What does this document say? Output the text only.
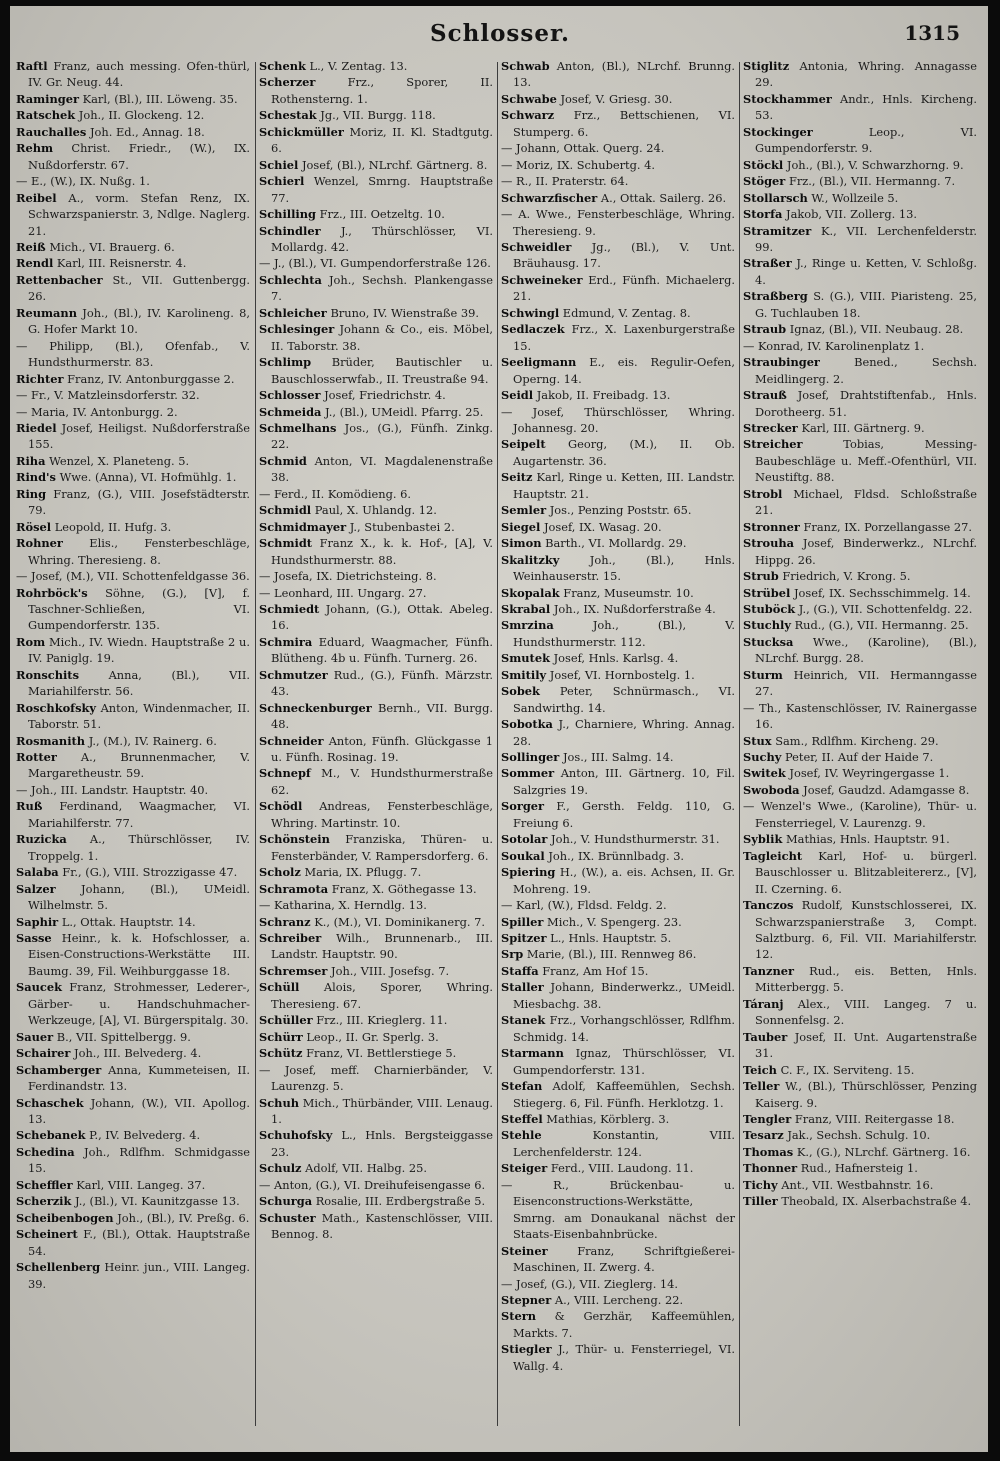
Schlosser.	1315
Raftl Franz, auch messing. Ofen-thürl, IV. Gr. Neug. 44.
Raminger Karl, (Bl.), III. Löweng. 35.
Ratschek Joh., II. Glockeng. 12.
Rauchalles Joh. Ed., Annag. 18.
Rehm Christ. Friedr., (W.), IX. Nußdorferstr. 67.
— E., (W.), IX. Nußg. 1.
Reibel A., vorm. Stefan Renz, IX. Schwarzspanierstr. 3, Ndlge. Naglerg. 21.
Reiß Mich., VI. Brauerg. 6.
Rendl Karl, III. Reisnerstr. 4.
Rettenbacher St., VII. Guttenbergg. 26.
Reumann Joh., (Bl.), IV. Karolineng. 8, G. Hofer Markt 10.
— Philipp, (Bl.), Ofenfab., V. Hundsthurmerstr. 83.
Richter Franz, IV. Antonburggasse 2.
— Fr., V. Matzleinsdorferstr. 32.
— Maria, IV. Antonburgg. 2.
Riedel Josef, Heiligst. Nußdorferstraße 155.
Riha Wenzel, X. Planeteng. 5.
Rind's Wwe. (Anna), VI. Hofmühlg. 1.
Ring Franz, (G.), VIII. Josefstädterstr. 79.
Rösel Leopold, II. Hufg. 3.
Rohner Elis., Fensterbeschläge, Whring. Theresieng. 8.
— Josef, (M.), VII. Schottenfeldgasse 36.
Rohrböck's Söhne, (G.), [V], f. Taschner-Schließen, VI. Gumpendorferstr. 135.
Rom Mich., IV. Wiedn. Hauptstraße 2 u. IV. Paniglg. 19.
Ronschits	Anna, (Bl.), VII. Mariahilferstr. 56.
Roschkofsky Anton, Windenmacher, II. Taborstr. 51.
Rosmanith J., (M.), IV. Rainerg. 6.
Rotter A., Brunnenmacher, V. Margaretheustr. 59.
— Joh., III. Landstr. Hauptstr. 40.
Ruß Ferdinand, Waagmacher, VI. Mariahilferstr. 77.
Ruzicka A., Thürschlösser, IV. Troppelg. 1.
Salaba Fr., (G.), VIII. Strozzigasse 47.
Salzer Johann, (Bl.), UMeidl. Wilhelmstr. 5.
Saphir L., Ottak. Hauptstr. 14.
Sasse Heinr., k. k. Hofschlosser, a. Eisen-Constructions-Werkstätte III. Baumg. 39, Fil. Weihburggasse 18.
Saucek Franz, Strohmesser, Lederer-, Gärber- u. Handschuhmacher-Werkzeuge, [A], VI. Bürgerspitalg. 30.
Sauer B., VII. Spittelbergg. 9.
Schairer Joh., III. Belvederg. 4.
Schamberger Anna, Kummeteisen, II. Ferdinandstr. 13.
Schaschek Johann, (W.), VII. Apollog. 13.
Schebanek P., IV. Belvederg. 4.
Schedina Joh., Rdlfhm. Schmidgasse 15.
Scheffler Karl, VIII. Langeg. 37.
Scherzik J., (Bl.), VI. Kaunitzgasse 13.
Scheibenbogen Joh., (Bl.), IV. Preßg. 6.
Scheinert F., (Bl.), Ottak. Hauptstraße 54.
Schellenberg Heinr. jun., VIII. Langeg. 39.
Schenk L., V. Zentag. 13.
Scherzer	Frz., Sporer, II. Rothensterng. 1.
Schestak Jg., VII. Burgg. 118.
Schickmüller Moriz, II. Kl. Stadtgutg. 6.
Schiel Josef, (Bl.), NLrchf. Gärtnerg. 8.
Schierl Wenzel, Smrng. Hauptstraße 77.
Schilling Frz., III. Oetzeltg. 10.
Schindler J., Thürschlösser, VI. Mollardg. 42.
— J., (Bl.), VI. Gumpendorferstraße 126.
Schlechta Joh., Sechsh. Plankengasse 7.
Schleicher Bruno, IV. Wienstraße 39.
Schlesinger Johann & Co., eis. Möbel, II. Taborstr. 38.
Schlimp Brüder, Bautischler u. Bauschlosserwfab., II. Treustraße 94.
Schlosser Josef, Friedrichstr. 4.
Schmeida J., (Bl.), UMeidl. Pfarrg. 25.
Schmelhans Jos., (G.), Fünfh. Zinkg. 22.
Schmid Anton, VI. Magdalenenstraße 38.
— Ferd., II. Komödieng. 6.
Schmidl Paul, X. Uhlandg. 12.
Schmidmayer J., Stubenbastei 2.
Schmidt Franz X., k. k. Hof-, [A], V. Hundsthurmerstr. 88.
— Josefa, IX. Dietrichsteing. 8.
— Leonhard, III. Ungarg. 27.
Schmiedt Johann, (G.), Ottak. Abeleg. 16.
Schmira Eduard, Waagmacher, Fünfh. Blütheng. 4b u. Fünfh. Turnerg. 26.
Schmutzer Rud., (G.), Fünfh. Märzstr. 43.
Schneckenburger Bernh., VII. Burgg. 48.
Schneider Anton, Fünfh. Glückgasse 1 u. Fünfh. Rosinag. 19.
Schnepf M., V. Hundsthurmerstraße 62.
Schödl Andreas, Fensterbeschläge, Whring. Martinstr. 10.
Schönstein Franziska, Thüren- u. Fensterbänder, V. Rampersdorferg. 6.
Scholz Maria, IX. Pflugg. 7.
Schramota Franz, X. Göthegasse 13.
— Katharina, X. Herndlg. 13.
Schranz K., (M.), VI. Dominikanerg. 7.
Schreiber Wilh., Brunnenarb., III. Landstr. Hauptstr. 90.
Schremser Joh., VIII. Josefsg. 7.
Schüll Alois, Sporer, Whring. Theresieng. 67.
Schüller Frz., III. Krieglerg. 11.
Schürr Leop., II. Gr. Sperlg. 3.
Schütz Franz, VI. Bettlerstiege 5.
— Josef, meff. Charnierbänder, V. Laurenzg. 5.
Schuh Mich., Thürbänder, VIII. Lenaug. 1.
Schuhofsky L., Hnls. Bergsteiggasse 23.
Schulz Adolf, VII. Halbg. 25.
— Anton, (G.), VI. Dreihufeisengasse 6.
Schurga Rosalie, III. Erdbergstraße 5.
Schuster Math., Kastenschlösser, VIII. Bennog. 8.
Schwab Anton, (Bl.), NLrchf. Brunng. 13.
Schwabe Josef, V. Griesg. 30.
Schwarz Frz., Bettschienen, VI. Stumperg. 6.
— Johann, Ottak. Querg. 24.
— Moriz, IX. Schubertg. 4.
— R., II. Praterstr. 64.
Schwarzfischer A., Ottak. Sailerg. 26.
— A. Wwe., Fensterbeschläge, Whring. Theresieng. 9.
Schweidler Jg., (Bl.), V. Unt. Bräuhausg. 17.
Schweineker Erd., Fünfh. Michaelerg. 21.
Schwingl Edmund, V. Zentag. 8.
Sedlaczek Frz., X. Laxenburgerstraße 15.
Seeligmann E., eis. Regulir-Oefen, Operng. 14.
Seidl Jakob, II. Freibadg. 13.
— Josef, Thürschlösser, Whring. Johannesg. 20.
Seipelt Georg, (M.), II. Ob. Augartenstr. 36.
Seitz Karl, Ringe u. Ketten, III. Landstr. Hauptstr. 21.
Semler Jos., Penzing Poststr. 65.
Siegel Josef, IX. Wasag. 20.
Simon Barth., VI. Mollardg. 29.
Skalitzky	Joh., (Bl.), Hnls. Weinhauserstr. 15.
Skopalak Franz, Museumstr. 10.
Skrabal Joh., IX. Nußdorferstraße 4.
Smrzina	Joh., (Bl.), V. Hundsthurmerstr. 112.
Smutek Josef, Hnls. Karlsg. 4.
Smitily Josef, VI. Hornbostelg. 1.
Sobek Peter, Schnürmasch., VI. Sandwirthg. 14.
Sobotka J., Charniere, Whring. Annag. 28.
Sollinger Jos., III. Salmg. 14.
Sommer Anton, III. Gärtnerg. 10, Fil. Salzgries 19.
Sorger F., Gersth. Feldg. 110, G. Freiung 6.
Sotolar Joh., V. Hundsthurmerstr. 31.
Soukal Joh., IX. Brünnlbadg. 3.
Spiering H., (W.), a. eis. Achsen, II. Gr. Mohreng. 19.
— Karl, (W.), Fldsd. Feldg. 2.
Spiller Mich., V. Spengerg. 23.
Spitzer L., Hnls. Hauptstr. 5.
Srp Marie, (Bl.), III. Rennweg 86.
Staffa Franz, Am Hof 15.
Staller Johann, Binderwerkz., UMeidl. Miesbachg. 38.
Stanek Frz., Vorhangschlösser, Rdlfhm. Schmidg. 14.
Starmann Ignaz, Thürschlösser, VI. Gumpendorferstr. 131.
Stefan Adolf, Kaffeemühlen, Sechsh. Stiegerg. 6, Fil. Fünfh. Herklotzg. 1.
Steffel Mathias, Körblerg. 3.
Stehle	Konstantin, VIII. Lerchenfelderstr. 124.
Steiger Ferd., VIII. Laudong. 11.
— R., Brückenbau- u. Eisenconstructions-Werkstätte, Smrng. am Donaukanal nächst der Staats-Eisenbahnbrücke.
Steiner	Franz, Schriftgießerei-Maschinen, II. Zwerg. 4.
— Josef, (G.), VII. Zieglerg. 14.
Stepner A., VIII. Lercheng. 22.
Stern & Gerzhär, Kaffeemühlen, Markts. 7.
Stiegler J., Thür- u. Fensterriegel, VI. Wallg. 4.
Stiglitz Antonia, Whring. Annagasse 29.
Stockhammer Andr., Hnls. Kircheng. 53.
Stockinger	Leop., VI. Gumpendorferstr. 9.
Stöckl Joh., (Bl.), V. Schwarzhorng. 9.
Stöger Frz., (Bl.), VII. Hermanng. 7.
Stollarsch W., Wollzeile 5.
Storfa Jakob, VII. Zollerg. 13.
Stramitzer K., VII. Lerchenfelderstr. 99.
Straßer J., Ringe u. Ketten, V. Schloßg. 4.
Straßberg S. (G.), VIII. Piaristeng. 25, G. Tuchlauben 18.
Straub Ignaz, (Bl.), VII. Neubaug. 28.
— Konrad, IV. Karolinenplatz 1.
Straubinger	Bened., Sechsh. Meidlingerg. 2.
Strauß Josef, Drahtstiftenfab., Hnls. Dorotheerg. 51.
Strecker Karl, III. Gärtnerg. 9.
Streicher	Tobias, Messing-Baubeschläge u. Meff.-Ofenthürl, VII. Neustiftg. 88.
Strobl Michael, Fldsd. Schloßstraße 21.
Stronner Franz, IX. Porzellangasse 27.
Strouha Josef, Binderwerkz., NLrchf. Hippg. 26.
Strub Friedrich, V. Krong. 5.
Strübel Josef, IX. Sechsschimmelg. 14.
Stuböck J., (G.), VII. Schottenfeldg. 22.
Stuchly Rud., (G.), VII. Hermanng. 25.
Stucksa Wwe., (Karoline), (Bl.), NLrchf. Burgg. 28.
Sturm Heinrich, VII. Hermanngasse 27.
— Th., Kastenschlösser, IV. Rainergasse 16.
Stux Sam., Rdlfhm. Kircheng. 29.
Suchy Peter, II. Auf der Haide 7.
Switek Josef, IV. Weyringergasse 1.
Swoboda Josef, Gaudzd. Adamgasse 8.
— Wenzel's Wwe., (Karoline), Thür- u. Fensterriegel, V. Laurenzg. 9.
Syblik Mathias, Hnls. Hauptstr. 91.
Tagleicht Karl, Hof- u. bürgerl. Bauschlosser u. Blitzableitererz., [V], II. Czerning. 6.
Tanczos Rudolf, Kunstschlosserei, IX. Schwarzspanierstraße 3, Compt. Salztburg. 6, Fil. VII. Mariahilferstr. 12.
Tanzner Rud., eis. Betten, Hnls. Mitterbergg. 5.
Táranj Alex., VIII. Langeg. 7 u. Sonnenfelsg. 2.
Tauber Josef, II. Unt. Augartenstraße 31.
Teich C. F., IX. Serviteng. 15.
Teller W., (Bl.), Thürschlösser, Penzing Kaiserg. 9.
Tengler Franz, VIII. Reitergasse 18.
Tesarz Jak., Sechsh. Schulg. 10.
Thomas K., (G.), NLrchf. Gärtnerg. 16.
Thonner Rud., Hafnersteig 1.
Tichy Ant., VII. Westbahnstr. 16.
Tiller Theobald, IX. Alserbachstraße 4.
